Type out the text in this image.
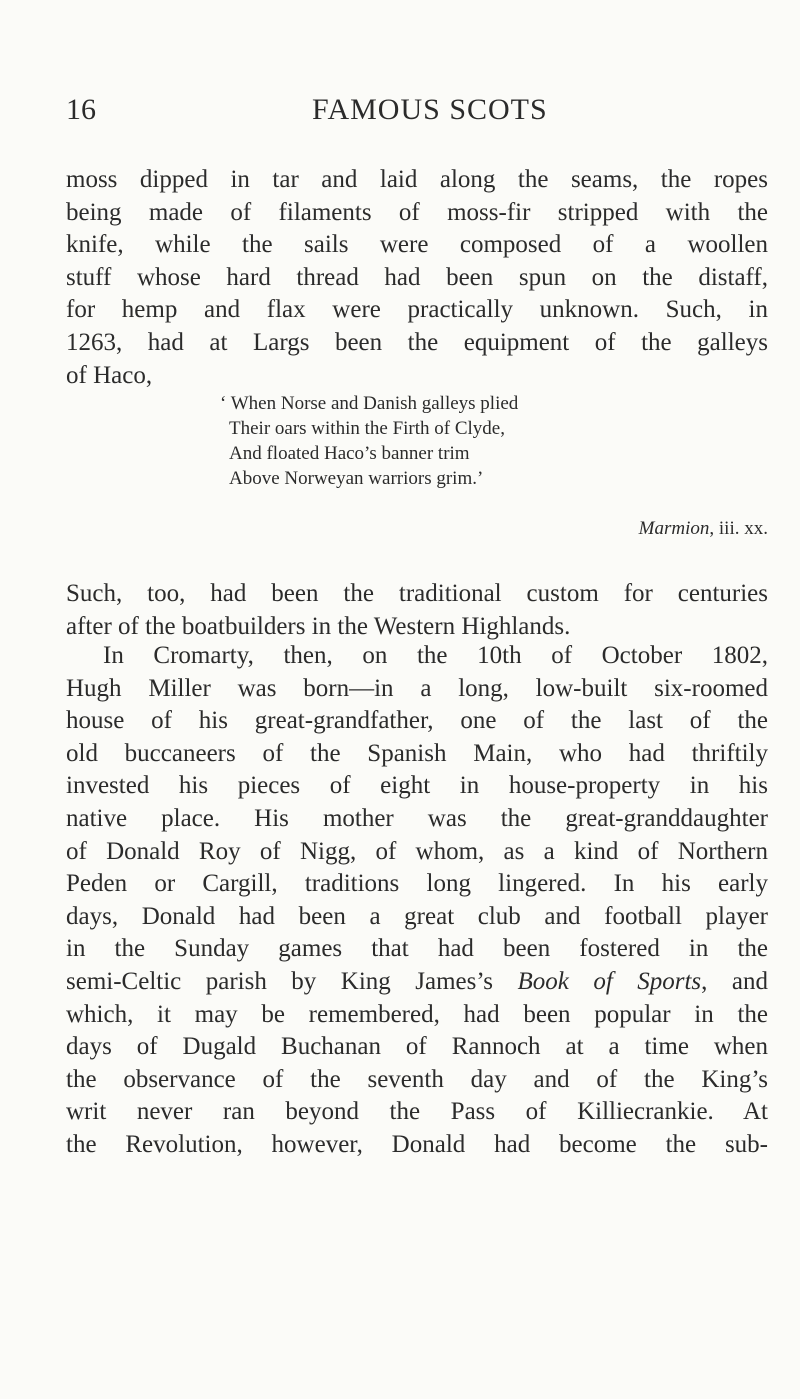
16	FAMOUS SCOTS
moss dipped in tar and laid along the seams, the ropes
being made of filaments of moss-fir stripped with the
knife, while the sails were composed of a woollen
stuff whose hard thread had been spun on the distaff,
for hemp and flax were practically unknown. Such, in
1263, had at Largs been the equipment of the galleys
of Haco,
‘ When Norse and Danish galleys plied
Their oars within the Firth of Clyde,
And floated Haco’s banner trim
Above Norweyan warriors grim.’
Marmion, iii. xx.
Such, too, had been the traditional custom for centuries
after of the boatbuilders in the Western Highlands.
In Cromarty, then, on the 10th of October 1802,
Hugh Miller was born—in a long, low-built six-roomed
house of his great-grandfather, one of the last of the
old buccaneers of the Spanish Main, who had thriftily
invested his pieces of eight in house-property in his
native place. His mother was the great-granddaughter
of Donald Roy of Nigg, of whom, as a kind of Northern
Peden or Cargill, traditions long lingered. In his early
days, Donald had been a great club and football player
in the Sunday games that had been fostered in the
semi-Celtic parish by King James’s Book of Sports, and
which, it may be remembered, had been popular in the
days of Dugald Buchanan of Rannoch at a time when
the observance of the seventh day and of the King’s
writ never ran beyond the Pass of Killiecrankie. At
the Revolution, however, Donald had become the sub-
